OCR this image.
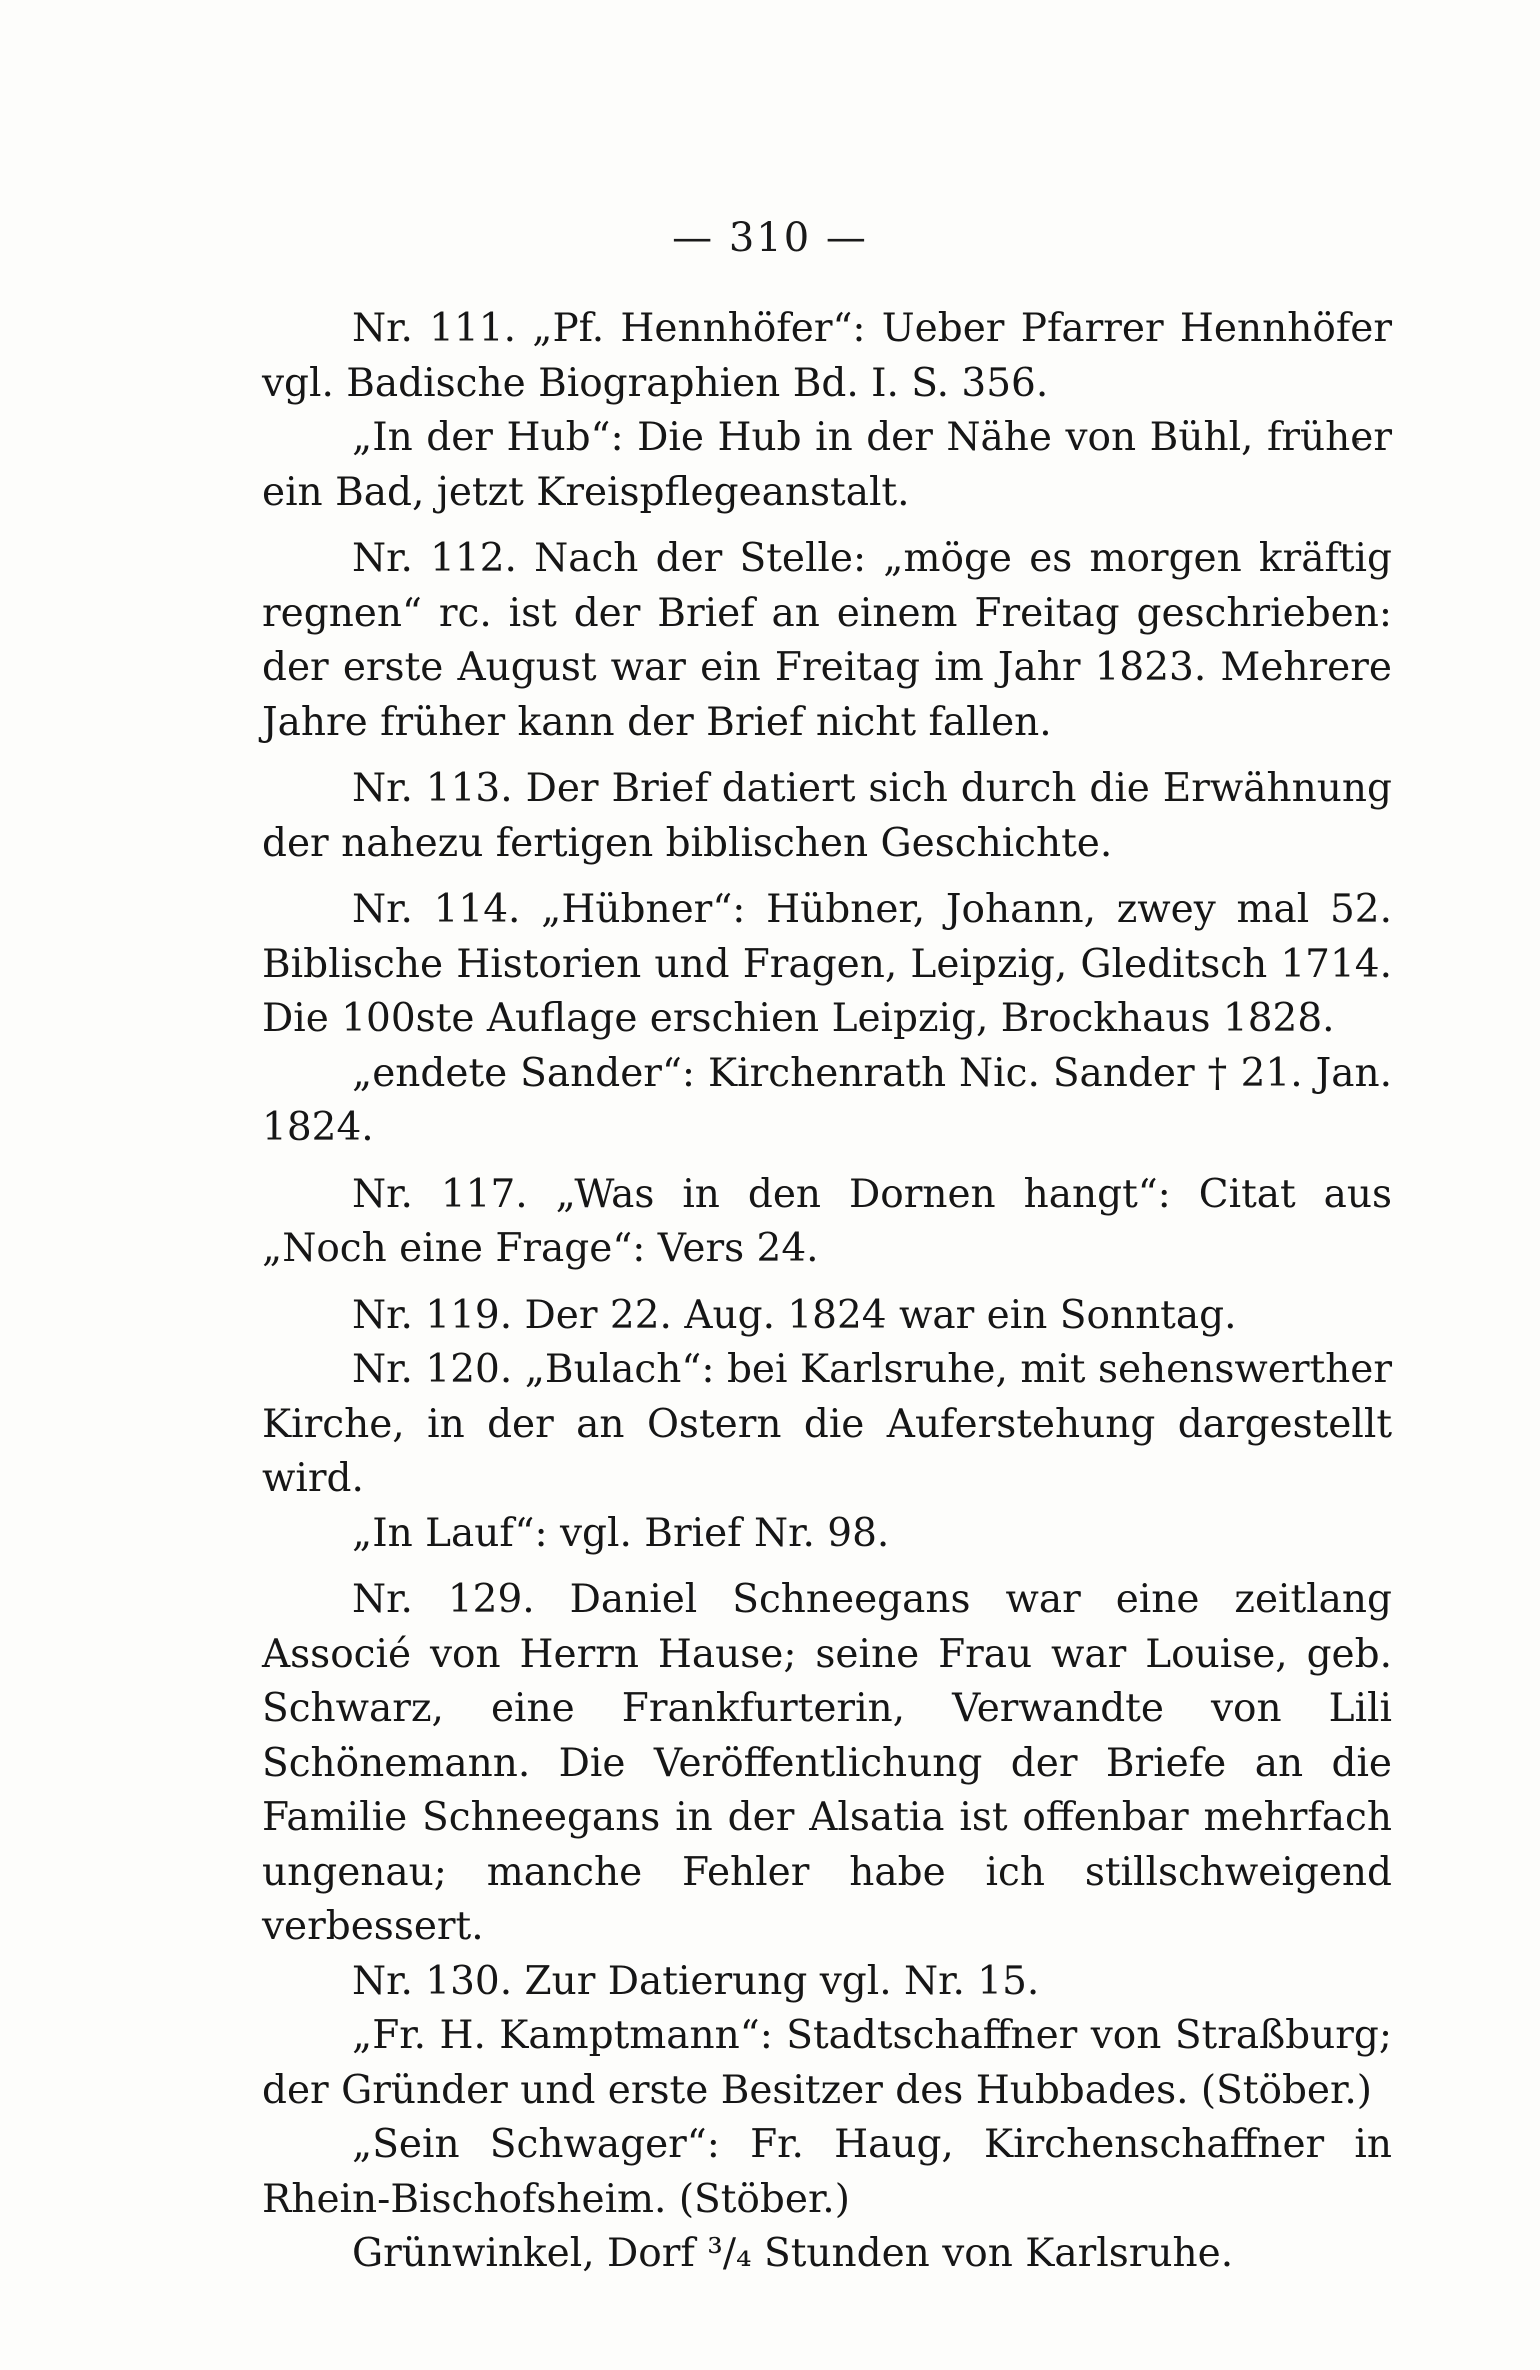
— 310 —

Nr. 111. „Pf. Hennhöfer“: Ueber Pfarrer Hennhöfer vgl. Badische Biographien Bd. I. S. 356.

„In der Hub“: Die Hub in der Nähe von Bühl, früher ein Bad, jetzt Kreispflegeanstalt.

Nr. 112. Nach der Stelle: „möge es morgen kräftig regnen“ rc. ist der Brief an einem Freitag geschrieben: der erste August war ein Freitag im Jahr 1823. Mehrere Jahre früher kann der Brief nicht fallen.

Nr. 113. Der Brief datiert sich durch die Erwähnung der nahezu fertigen biblischen Geschichte.

Nr. 114. „Hübner“: Hübner, Johann, zwey mal 52. Biblische Historien und Fragen, Leipzig, Gleditsch 1714. Die 100ste Auflage erschien Leipzig, Brockhaus 1828.

„endete Sander“: Kirchenrath Nic. Sander † 21. Jan. 1824.

Nr. 117. „Was in den Dornen hangt“: Citat aus „Noch eine Frage“: Vers 24.

Nr. 119. Der 22. Aug. 1824 war ein Sonntag.

Nr. 120. „Bulach“: bei Karlsruhe, mit sehenswerther Kirche, in der an Ostern die Auferstehung dargestellt wird.

„In Lauf“: vgl. Brief Nr. 98.

Nr. 129. Daniel Schneegans war eine zeitlang Associé von Herrn Hause; seine Frau war Louise, geb. Schwarz, eine Frankfurterin, Verwandte von Lili Schönemann. Die Veröffentlichung der Briefe an die Familie Schneegans in der Alsatia ist offenbar mehrfach ungenau; manche Fehler habe ich stillschweigend verbessert.

Nr. 130. Zur Datierung vgl. Nr. 15.

„Fr. H. Kamptmann“: Stadtschaffner von Straßburg; der Gründer und erste Besitzer des Hubbades. (Stöber.)

„Sein Schwager“: Fr. Haug, Kirchenschaffner in Rhein-Bischofsheim. (Stöber.)

Grünwinkel, Dorf ³/₄ Stunden von Karlsruhe.
